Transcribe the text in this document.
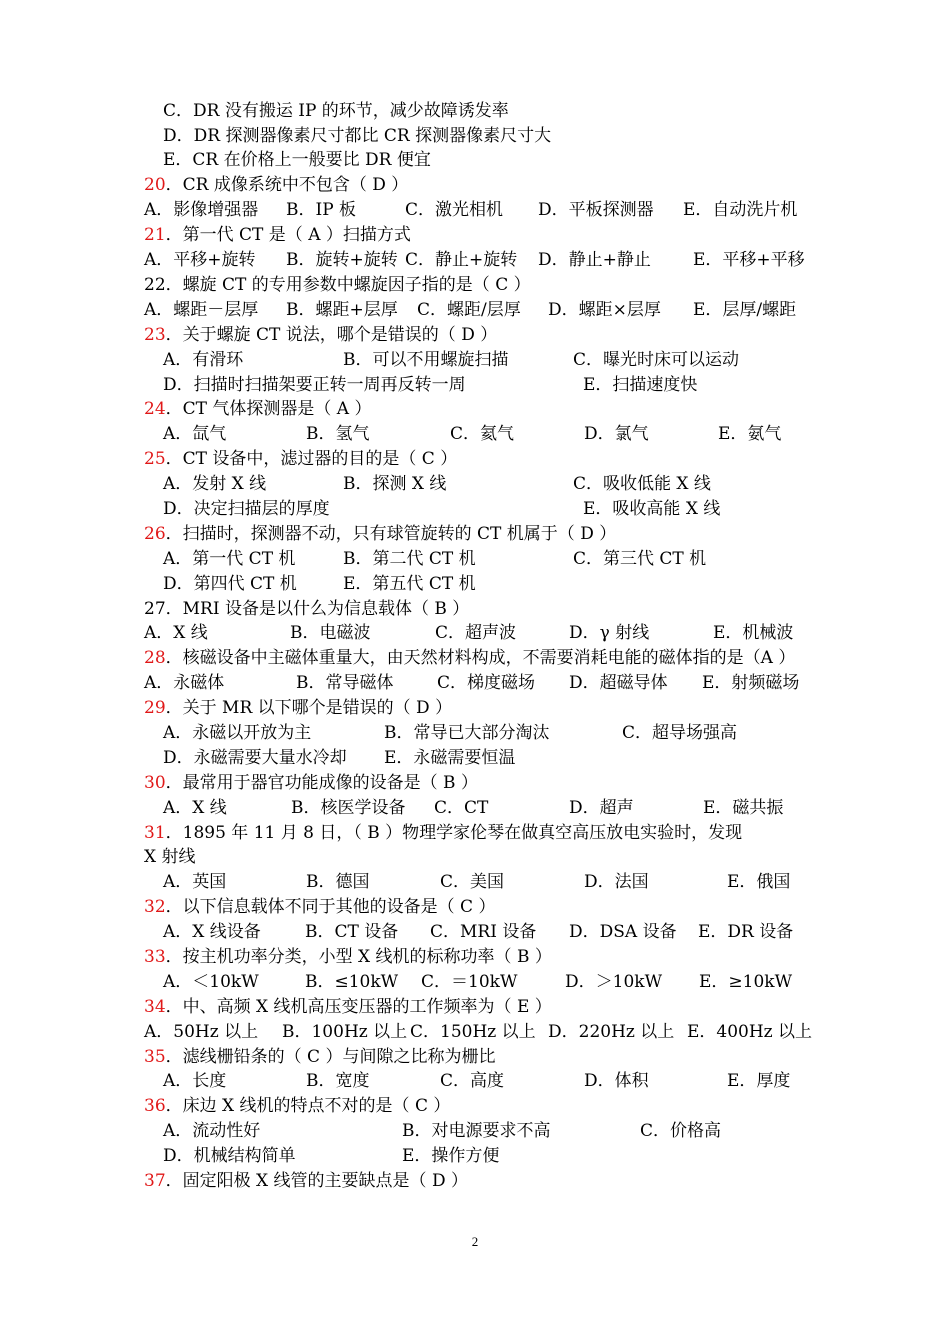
C．DR 没有搬运 IP 的环节，减少故障诱发率
D．DR 探测器像素尺寸都比 CR 探测器像素尺寸大
E．CR 在价格上一般要比 DR 便宜
20．CR 成像系统中不包含（ D ）
A．影像增强器 B．IP 板	C．激光相机 D．平板探测器 E．自动洗片机
21．第一代 CT 是（ A ）扫描方式
A．平移+旋转 B．旋转+旋转 C．静止+旋转 D．静止+静止 E．平移+平移
22．螺旋 CT 的专用参数中螺旋因子指的是（ C ）
A．螺距－层厚 B．螺距+层厚 C．螺距/层厚 D．螺距×层厚 E．层厚/螺距
23．关于螺旋 CT 说法，哪个是错误的（ D ）
A．有滑环	B．可以不用螺旋扫描	C．曝光时床可以运动
D．扫描时扫描架要正转一周再反转一周	E．扫描速度快
24．CT 气体探测器是（ A ）
A．氙气	B．氢气	C．氦气	D．氯气	E．氨气
25．CT 设备中，滤过器的目的是（ C ）
A．发射 X 线	B．探测 X 线	C．吸收低能 X 线
D．决定扫描层的厚度	E．吸收高能 X 线
26．扫描时，探测器不动，只有球管旋转的 CT 机属于（ D ）
A．第一代 CT 机	B．第二代 CT 机	C．第三代 CT 机
D．第四代 CT 机	E．第五代 CT 机
27．MRI 设备是以什么为信息载体（ B ）
A．X 线	B．电磁波	C．超声波	D．γ 射线	E．机械波
28．核磁设备中主磁体重量大，由天然材料构成，不需要消耗电能的磁体指的是（A ）
A．永磁体	B．常导磁体	C．梯度磁场 D．超磁导体 E．射频磁场
29．关于 MR 以下哪个是错误的（ D ）
A．永磁以开放为主	B．常导已大部分淘汰	C．超导场强高
D．永磁需要大量水冷却 E．永磁需要恒温
30．最常用于器官功能成像的设备是（ B ）
A．X 线	B．核医学设备 C．CT	D．超声	E．磁共振
31．1895 年 11 月 8 日，（ B ）物理学家伦琴在做真空高压放电实验时，发现
X 射线
A．英国	B．德国	C．美国	D．法国	E．俄国
32．以下信息载体不同于其他的设备是（ C ）
A．X 线设备	B．CT 设备 C．MRI 设备 D．DSA 设备 E．DR 设备
33．按主机功率分类，小型 X 线机的标称功率（ B ）
A．＜10kW	B．≤10kW C．＝10kW	D．＞10kW E．≥10kW
34．中、高频 X 线机高压变压器的工作频率为（ E ）
A．50Hz 以上 B．100Hz 以上 C．150Hz 以上 D．220Hz 以上 E．400Hz 以上
35．滤线栅铅条的（ C ）与间隙之比称为栅比
A．长度	B．宽度	C．高度	D．体积	E．厚度
36．床边 X 线机的特点不对的是（ C ）
A．流动性好	B．对电源要求不高	C．价格高
D．机械结构简单	E．操作方便
37．固定阳极 X 线管的主要缺点是（ D ）
2
